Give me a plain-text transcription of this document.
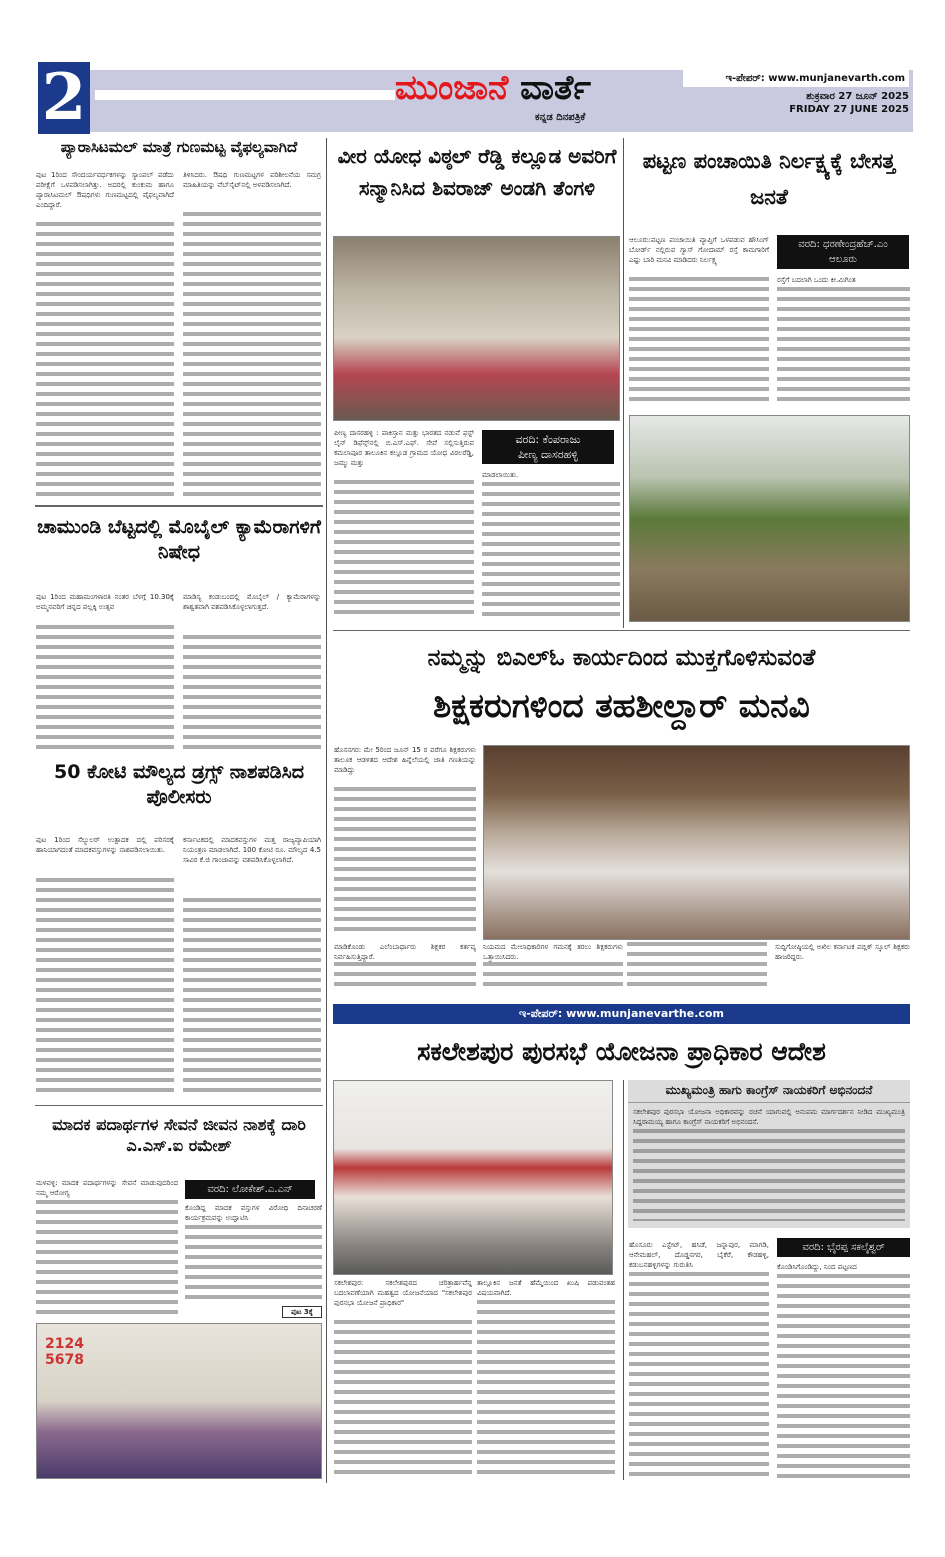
2	ಮುಂಜಾನೆ ವಾರ್ತೆ
ಕನ್ನಡ ದಿನಪತ್ರಿಕೆ
ಇ-ಪೇಪರ್: www.munjanevarth.com
ಶುಕ್ರವಾರ 27 ಜೂನ್ 2025
FRIDAY 27 JUNE 2025
ಪ್ಯಾರಾಸಿಟಮಲ್ ಮಾತ್ರೆ ಗುಣಮಟ್ಟ ವೈಫಲ್ಯವಾಗಿದೆ
ಪುಟ 1ರಿಂದ ಸೌಂದರ್ಯವರ್ಧಕಗಳನ್ನು ಸ್ಯಾಂಪಲ್ ಪಡೆದು ಪರೀಕ್ಷೆಗೆ ಒಳಪಡಿಸಲಾಗಿತ್ತು. ಅದರಲ್ಲಿ ಕುಂಕುಮ ಹಾಗೂ ಪ್ಯಾರಾಸಿಟಮಲ್ ಔಷಧಿಗಳು ಗುಣಮಟ್ಟದಲ್ಲಿ ವೈಫಲ್ಯವಾಗಿದೆ ಎಂದಿದ್ದಾರೆ.
ತಿಳಿಸಿದರು. ಔಷಧಿ ಗುಣಮಟ್ಟಗಳ ಪರಿಶೀಲನೆಯ ಸಮಗ್ರ ಮಾಹಿತಿಯನ್ನು ವೆಬ್‌ಸೈಟ್‌ನಲ್ಲಿ ಅಳವಡಿಸಲಾಗಿದೆ.
ಚಾಮುಂಡಿ ಬೆಟ್ಟದಲ್ಲಿ ಮೊಬೈಲ್ ಕ್ಯಾಮೆರಾಗಳಿಗೆ ನಿಷೇಧ
ಪುಟ 1ರಿಂದ ಮಹಾಮಂಗಳಾರತಿ ನಂತರ ಬೆಳಗ್ಗೆ 10.30ಕ್ಕೆ ಅಮ್ಮನವರಿಗೆ ಚಿನ್ನದ ಪಲ್ಲಕ್ಕಿ ಉತ್ಸವ
ಮಾಡಿಸ್ಯ ಕಂಡುಬಂದಲ್ಲಿ ಮೊಬೈಲ್ / ಕ್ಯಾಮೆರಾಗಳನ್ನು ಶಾಶ್ವತವಾಗಿ ವಶಪಡಿಸಿಕೊಳ್ಳಲಾಗುತ್ತದೆ.
50 ಕೋಟಿ ಮೌಲ್ಯದ ಡ್ರಗ್ಸ್ ನಾಶಪಡಿಸಿದ ಪೊಲೀಸರು
ಪುಟ 1ರಿಂದ ಸೆಲ್ಯುಲರ್ ಉತ್ಪಾದಕ ದಲ್ಲಿ ಪರಿಸರಕ್ಕೆ ಹಾನಿಯಾಗದಂತೆ ಮಾದಕವಸ್ತುಗಳನ್ನು ನಾಶಪಡಿಸಲಾಯಿತು.
ಕರ್ನಾಟಕದಲ್ಲಿ ಮಾದಕವಸ್ತುಗಳ ಮತ್ತ ರಾಜ್ಯವ್ಯಾಪಿಯಾಗಿ ನಿಯಂತ್ರಣ ಮಾಡಲಾಗಿದೆ. 100 ಕೋಟಿ ರೂ. ಮೌಲ್ಯದ 4.5 ಸಾವಿರ ಕೆ.ಜಿ ಗಾಂಜಾವನ್ನು ವಶಪಡಿಸಿಕೊಳ್ಳಲಾಗಿದೆ.
ಮಾದಕ ಪದಾರ್ಥಗಳ ಸೇವನೆ ಜೀವನ ನಾಶಕ್ಕೆ ದಾರಿ ಎ.ಎಸ್.ಐ ರಮೇಶ್
ಮಳವಳ್ಳಿ: ಮಾದಕ ಪದಾರ್ಥಗಳನ್ನು ಸೇವನೆ ಮಾಡುವುದರಿಂದ ನಮ್ಮ ಆರೋಗ್ಯ	ವರದಿ: ಲೋಕೇಶ್.ಎ.ಎನ್
ಕೊಂಡಿದ್ದ ಮಾದಕ ವಸ್ತುಗಳ ವಿರೋಧಿ ದಿನಾಚರಣೆ ಕಾರ್ಯಕ್ರಮವನ್ನು ಉದ್ಘಾಟಿಸಿ
ಪುಟ 3ಕ್ಕೆ
2124 5678
ವೀರ ಯೋಧ ವಿಠ್ಠಲ್ ರೆಡ್ಡಿ ಕಲ್ಲೂಡ ಅವರಿಗೆ ಸನ್ಮಾನಿಸಿದ ಶಿವರಾಜ್ ಅಂಡಗಿ ತೆಂಗಳಿ
ಪೀಣ್ಯ ದಾಸರಹಳ್ಳಿ : ಪಾಕಿಸ್ತಾನ ಮತ್ತು ಭಾರತದ ನಡುವೆ ಫಸ್ಟ್ ಲೈನ್ ಡಿಫೆನ್ಸ್‌ನಲ್ಲಿ ಬಿ.ಎಸ್.ಎಫ್. ಸೇವೆ ಸಲ್ಲಿಸುತ್ತಿರುವ ಕಮಲಾಪೂರ ತಾಲೂಕಿನ ಕಲ್ಲೂಡ ಗ್ರಾಮದ ಯೋಧ ವಿಠಲರೆಡ್ಡಿ, ಜಮ್ಮು ಮತ್ತು
ವರದಿ: ಕೆಂಪರಾಜು
ಪೀಣ್ಯ ದಾಸರಹಳ್ಳಿ
ಮಾಡಲಾಯಿತು.
ಪಟ್ಟಣ ಪಂಚಾಯಿತಿ ನಿರ್ಲಕ್ಷ್ಯಕ್ಕೆ ಬೇಸತ್ತ ಜನತೆ
ಆಲೂರು:ಪಟ್ಟಣ ಪಂಚಾಯಿತಿ ವ್ಯಾಪ್ತಿಗೆ ಒಳಪಡುವ ಹೌಸಿಂಗ್ ಬೋರ್ಡ್ ನಲ್ಲಿರುವ ಗ್ಯಾಸ್ ಗೋದಾಮ್ ರಸ್ತೆ ಕಾಮಗಾರಿಗೆ ಎಷ್ಟು ಬಾರಿ ಮನವಿ ಮಾಡಿದರು ನಿರ್ಲಕ್ಷ್ಯ
ವರದಿ: ಧರಣೇಂದ್ರಹೆಚ್.ಎಂ
ಆಲೂರು
ರಸ್ತೆಗೆ ಬದಲಾಗಿ ಒಂದು ಕೀ.ಮಿಗಿಂತ
ನಮ್ಮನ್ನು ಬಿಎಲ್‌ಓ ಕಾರ್ಯದಿಂದ ಮುಕ್ತಗೊಳಿಸುವಂತೆ
ಶಿಕ್ಷಕರುಗಳಿಂದ ತಹಶೀಲ್ದಾರ್ ಮನವಿ
ಹೊಸನಗರ: ಮೇ 5ರಿಂದ ಜೂನ್ 15 ರ ವರೆಗೂ ಶಿಕ್ಷಕರುಗಳು ತಾಲೂಕ ಆಡಳಿತದ ಆದೇಶ ಹಿನ್ನೆಲೆಯಲ್ಲಿ ಜಾತಿ ಗಣತಿಯನ್ನು ಮಾಡಿದ್ದು
ಮಾಡಿಕೊಂಡು ಎಲೆಂಬಾರ್ಥಾರು ಶಿಕ್ಷಕರ ಕರ್ತವ್ಯ ನಿರ್ವಹಿಸುತ್ತಿದ್ದಾರೆ.
ನಿಯಮದ ಮೇಲಾಧಿಕಾರಿಗಳ ಗಮನಕ್ಕೆ ತರಲು ಶಿಕ್ಷಕರುಗಳು ಒತ್ತಾಯಿಸಿದರು.
ಸುದ್ದಿಗೋಷ್ಠಿಯಲ್ಲಿ ಅಖಿಲ ಕರ್ನಾಟಕ ಪಬ್ಲಿಕ್ ಸ್ಕೂಲ್ ಶಿಕ್ಷಕರು ಹಾಜರಿದ್ದರು.
ಇ-ಪೇಪರ್: www.munjanevarthe.com
ಸಕಲೇಶಪುರ ಪುರಸಭೆ ಯೋಜನಾ ಪ್ರಾಧಿಕಾರ ಆದೇಶ
ಸಕಲೇಶಪುರ: ಸಕಲೇಶಪುರದ ಚರಿತ್ರಾರ್ಹವೆನ್ನ ಬದಲಾವಣೆಯಾಗಿ ಮಹತ್ವದ ಯೋಜನೆಯಾದ "ಸಕಲೇಶಪುರ ಪುರಸಭಾ ಯೋಜನೆ ಪ್ರಾಧಿಕಾರ"
ತಾಲ್ಲೂಕಿನ ಜನತೆ ಹೆಮ್ಮೆಯಿಂದ ಖುಷಿ ಪಡುವಂತಹ ವಿಷಯವಾಗಿದೆ.
ಮುಖ್ಯಮಂತ್ರಿ ಹಾಗು ಕಾಂಗ್ರೆಸ್ ನಾಯಕರಿಗೆ ಅಭಿನಂದನೆ
ಸಕಲೇಶಪುರ ಪುರಸಭಾ ಯೋಜನಾ ಅಧಿಕಾರವನ್ನು ರಚನೆ ಯಾಗುವಲ್ಲಿ ಅನುಪಮ ಮಾರ್ಗದರ್ಶನ ನೀಡಿದ ಮುಖ್ಯಮಂತ್ರಿ ಸಿದ್ದರಾಮಯ್ಯ ಹಾಗೂ ಕಾಂಗ್ರೆಸ್ ನಾಯಕರಿಗೆ ಅಭಿನಂದನೆ.
ಹೊಸೂರು ಎಸ್ಟೇಟ್, ಹಸಿಡೆ, ಜನ್ನಾಪುರ, ಮಾಗಡಿ, ಆನೇಮಹಲ್, ದೊಡ್ಡನಗರ, ಬೈಕೆರೆ, ಕೌಡಹಳ್ಳಿ, ಕಡುಬನಹಳ್ಳಿಗಳನ್ನು ಗುರುತಿಸಿ
ವರದಿ: ಭೈರಪ್ಪ ಸಕಲೈಶ್ವರ್
ಕೊಂಡಿಸಿಗೊಂಡಿದ್ದು, ನಿಂದ ಪಟ್ಟಣದ
